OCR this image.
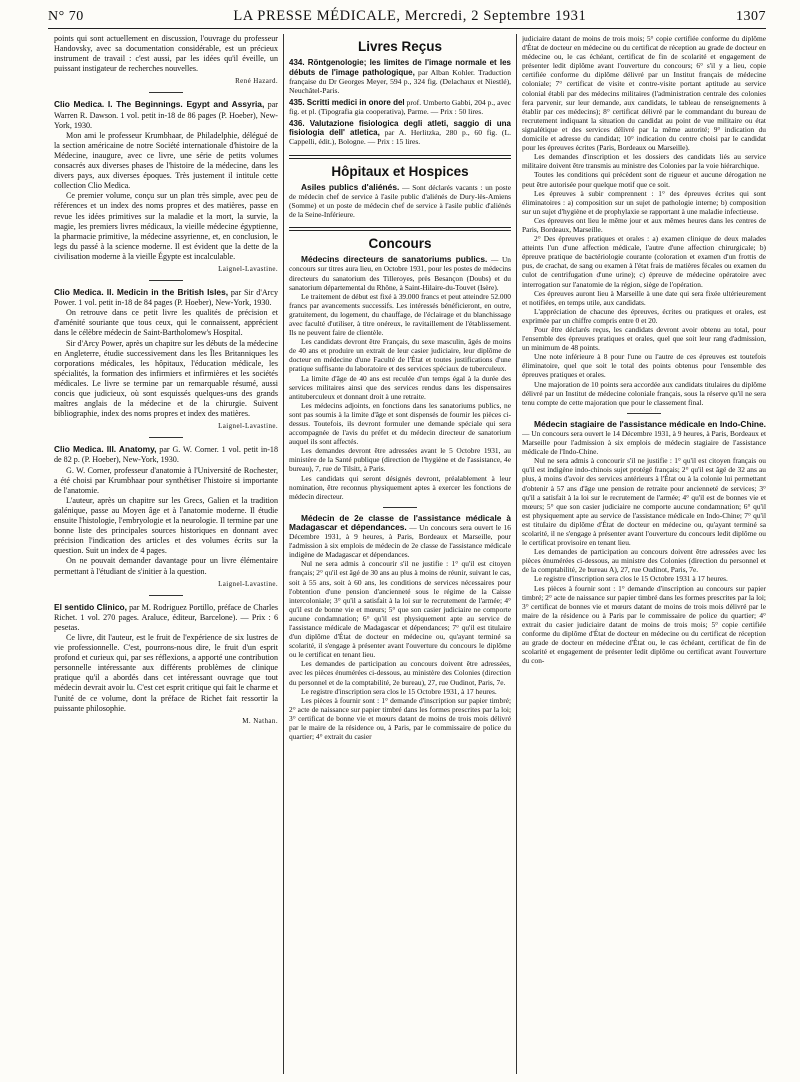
N° 70	LA PRESSE MÉDICALE, Mercredi, 2 Septembre 1931	1307

points qui sont actuellement en discussion, l'ouvrage du professeur Handovsky, avec sa documentation considérable, est un précieux instrument de travail : c'est aussi, par les idées qu'il éveille, un puissant instigateur de recherches nouvelles.

René Hazard.

Clio Medica. I. The Beginnings. Egypt and Assyria, par Warren R. Dawson. 1 vol. petit in-18 de 86 pages (P. Hoeber), New-York, 1930.

Mon ami le professeur Krumbhaar, de Philadelphie, délégué de la section américaine de notre Société internationale d'histoire de la Médecine, inaugure, avec ce livre, une série de petits volumes consacrés aux diverses phases de l'histoire de la médecine, dans les divers pays, aux diverses époques. Très justement il intitule cette collection Clio Medica.

Ce premier volume, conçu sur un plan très simple, avec peu de références et un index des noms propres et des matières, passe en revue les idées primitives sur la maladie et la mort, la survie, la magie, les premiers livres médicaux, la vieille médecine égyptienne, la pharmacie primitive, la médecine assyrienne, et, en conclusion, le legs du passé à la science moderne. Il est évident que la dette de la civilisation moderne à la vieille Égypte est incalculable.

Laignel-Lavastine.

Clio Medica. II. Medicin in the British Isles, par Sir d'Arcy Power. 1 vol. petit in-18 de 84 pages (P. Hoeber), New-York, 1930.

On retrouve dans ce petit livre les qualités de précision et d'aménité souriante que tous ceux, qui le connaissent, apprécient dans le célèbre médecin de Saint-Bartholomew's Hospital.

Sir d'Arcy Power, après un chapitre sur les débuts de la médecine en Angleterre, étudie successivement dans les Îles Britanniques les corporations médicales, les hôpitaux, l'éducation médicale, les spécialités, la formation des infirmiers et infirmières et les sociétés médicales. Le livre se termine par un remarquable résumé, aussi concis que judicieux, où sont esquissés quelques-uns des grands maîtres anglais de la médecine et de la chirurgie. Suivent bibliographie, index des noms propres et index des matières.

Laignel-Lavastine.

Clio Medica. III. Anatomy, par G. W. Corner. 1 vol. petit in-18 de 82 p. (P. Hoeber), New-York, 1930.

G. W. Corner, professeur d'anatomie à l'Université de Rochester, a été choisi par Krumbhaar pour synthétiser l'histoire si importante de l'anatomie.

L'auteur, après un chapitre sur les Grecs, Galien et la tradition galénique, passe au Moyen âge et à l'anatomie moderne. Il étudie ensuite l'histologie, l'embryologie et la neurologie. Il termine par une bonne liste des principales sources historiques en donnant avec précision l'indication des articles et des volumes écrits sur la question. Suit un index de 4 pages.

On ne pouvait demander davantage pour un livre élémentaire permettant à l'étudiant de s'initier à la question.

Laignel-Lavastine.

El sentido Clinico, par M. Rodriguez Portillo, préface de Charles Richet. 1 vol. 270 pages. Araluce, éditeur, Barcelone). — Prix : 6 pesetas.

Ce livre, dit l'auteur, est le fruit de l'expérience de six lustres de vie professionnelle. C'est, pourrons-nous dire, le fruit d'un esprit profond et curieux qui, par ses réflexions, a apporté une contribution personnelle intéressante aux différents problèmes de clinique pratique qu'il a abordés dans cet intéressant ouvrage que tout médecin devrait avoir lu. C'est cet esprit critique qui fait le charme et l'unité de ce volume, dont la préface de Richet fait ressortir la puissante philosophie.

M. Nathan.

Livres Reçus

434. Röntgenologie; les limites de l'image normale et les débuts de l'image pathologique, par Alban Kohler. Traduction française du Dr Georges Meyer, 594 p., 324 fig. (Delachaux et Niestlé), Neuchâtel-Paris.

435. Scritti medici in onore del prof. Umberto Gabbi, 204 p., avec fig. et pl. (Tipografia gia cooperativa), Parme. — Prix : 50 lires.

436. Valutazione fisiologica degli atleti, saggio di una fisiologia dell' atletica, par A. Herlitzka, 280 p., 60 fig. (L. Cappelli, édit.), Bologne. — Prix : 15 lires.

Hôpitaux et Hospices

Asiles publics d'aliénés. — Sont déclarés vacants : un poste de médecin chef de service à l'asile public d'aliénés de Dury-lès-Amiens (Somme) et un poste de médecin chef de service à l'asile public d'aliénés de la Seine-Inférieure.

Concours

Médecins directeurs de sanatoriums publics. — Un concours sur titres aura lieu, en Octobre 1931, pour les postes de médecins directeurs du sanatorium des Tilleroyes, près Besançon (Doubs) et du sanatorium départemental du Rhône, à Saint-Hilaire-du-Touvet (Isère).

Le traitement de début est fixé à 39.000 francs et peut atteindre 52.000 francs par avancements successifs. Les intéressés bénéficieront, en outre, gratuitement, du logement, du chauffage, de l'éclairage et du blanchissage avec faculté d'utiliser, à titre onéreux, le ravitaillement de l'établissement. Ils ne peuvent faire de clientèle.

Les candidats devront être Français, du sexe masculin, âgés de moins de 40 ans et produire un extrait de leur casier judiciaire, leur diplôme de docteur en médecine d'une Faculté de l'État et toutes justifications d'une pratique suffisante du laboratoire et des services spéciaux de tuberculeux.

La limite d'âge de 40 ans est reculée d'un temps égal à la durée des services militaires ainsi que des services rendus dans les dispensaires antituberculeux et donnant droit à une retraite.

Les médecins adjoints, en fonctions dans les sanatoriums publics, ne sont pas soumis à la limite d'âge et sont dispensés de fournir les pièces ci-dessus. Toutefois, ils devront formuler une demande spéciale qui sera accompagnée de l'avis du préfet et du médecin directeur de sanatorium auquel ils sont affectés.

Les demandes devront être adressées avant le 5 Octobre 1931, au ministère de la Santé publique (direction de l'hygiène et de l'assistance, 4e bureau), 7, rue de Tilsitt, à Paris.

Les candidats qui seront désignés devront, préalablement à leur nomination, être reconnus physiquement aptes à exercer les fonctions de médecin directeur.

Médecin de 2e classe de l'assistance médicale à Madagascar et dépendances. — Un concours sera ouvert le 16 Décembre 1931, à 9 heures, à Paris, Bordeaux et Marseille, pour l'admission à six emplois de médecin de 2e classe de l'assistance médicale indigène de Madagascar et dépendances.

Nul ne sera admis à concourir s'il ne justifie : 1° qu'il est citoyen français; 2° qu'il est âgé de 30 ans au plus à moins de réunir, suivant le cas, soit à 55 ans, soit à 60 ans, les conditions de services nécessaires pour l'obtention d'une pension d'ancienneté sous le régime de la Caisse intercoloniale; 3° qu'il a satisfait à la loi sur le recrutement de l'armée; 4° qu'il est de bonne vie et mœurs; 5° que son casier judiciaire ne comporte aucune condamnation; 6° qu'il est physiquement apte au service de l'assistance médicale de Madagascar et dépendances; 7° qu'il est titulaire d'un diplôme d'État de docteur en médecine ou, qu'ayant terminé sa scolarité, il s'engage à présenter avant l'ouverture du concours le diplôme ou le certificat en tenant lieu.

Les demandes de participation au concours doivent être adressées, avec les pièces énumérées ci-dessous, au ministère des Colonies (direction du personnel et de la comptabilité, 2e bureau), 27, rue Oudinot, Paris, 7e.

Le registre d'inscription sera clos le 15 Octobre 1931, à 17 heures.

Les pièces à fournir sont : 1° demande d'inscription sur papier timbré; 2° acte de naissance sur papier timbré dans les formes prescrites par la loi; 3° certificat de bonne vie et mœurs datant de moins de trois mois délivré par le maire de la résidence ou, à Paris, par le commissaire de police du quartier; 4° extrait du casier

judiciaire datant de moins de trois mois; 5° copie certifiée conforme du diplôme d'État de docteur en médecine ou du certificat de réception au grade de docteur en médecine ou, le cas échéant, certificat de fin de scolarité et engagement de présenter ledit diplôme avant l'ouverture du concours; 6° s'il y a lieu, copie certifiée conforme du diplôme délivré par un Institut français de médecine coloniale; 7° certificat de visite et contre-visite portant aptitude au service colonial établi par des médecins militaires (l'administration centrale des colonies fera parvenir, sur leur demande, aux candidats, le tableau de renseignements à établir par ces médecins); 8° certificat délivré par le commandant du bureau de recrutement indiquant la situation du candidat au point de vue militaire ou état signalétique et des services délivré par la même autorité; 9° indication du domicile et adresse du candidat; 10° indication du centre choisi par le candidat pour les épreuves écrites (Paris, Bordeaux ou Marseille).

Les demandes d'inscription et les dossiers des candidats liés au service militaire doivent être transmis au ministre des Colonies par la voie hiérarchique.

Toutes les conditions qui précèdent sont de rigueur et aucune dérogation ne peut être autorisée pour quelque motif que ce soit.

Les épreuves à subir comprennent : 1° des épreuves écrites qui sont éliminatoires : a) composition sur un sujet de pathologie interne; b) composition sur un sujet d'hygiène et de prophylaxie se rapportant à une maladie infectieuse.

Ces épreuves ont lieu le même jour et aux mêmes heures dans les centres de Paris, Bordeaux, Marseille.

2° Des épreuves pratiques et orales : a) examen clinique de deux malades atteints l'un d'une affection médicale, l'autre d'une affection chirurgicale; b) épreuve pratique de bactériologie courante (coloration et examen d'un frottis de pus, de crachat, de sang ou examen à l'état frais de matières fécales ou examen du culot de centrifugation d'une urine); c) épreuve de médecine opératoire avec interrogation sur l'anatomie de la région, siège de l'opération.

Ces épreuves auront lieu à Marseille à une date qui sera fixée ultérieurement et notifiées, en temps utile, aux candidats.

L'appréciation de chacune des épreuves, écrites ou pratiques et orales, est exprimée par un chiffre compris entre 0 et 20.

Pour être déclarés reçus, les candidats devront avoir obtenu au total, pour l'ensemble des épreuves pratiques et orales, quel que soit leur rang d'admission, un minimum de 48 points.

Une note inférieure à 8 pour l'une ou l'autre de ces épreuves est toutefois éliminatoire, quel que soit le total des points obtenus pour l'ensemble des épreuves pratiques et orales.

Une majoration de 10 points sera accordée aux candidats titulaires du diplôme délivré par un Institut de médecine coloniale français, sous la réserve qu'il ne sera tenu compte de cette majoration que pour le classement final.

Médecin stagiaire de l'assistance médicale en Indo-Chine. — Un concours sera ouvert le 14 Décembre 1931, à 9 heures, à Paris, Bordeaux et Marseille pour l'admission à six emplois de médecin stagiaire de l'assistance médicale de l'Indo-Chine.

Nul ne sera admis à concourir s'il ne justifie : 1° qu'il est citoyen français ou qu'il est indigène indo-chinois sujet protégé français; 2° qu'il est âgé de 32 ans au plus, à moins d'avoir des services antérieurs à l'État ou à la colonie lui permettant d'obtenir à 57 ans d'âge une pension de retraite pour ancienneté de services; 3° qu'il a satisfait à la loi sur le recrutement de l'armée; 4° qu'il est de bonnes vie et mœurs; 5° que son casier judiciaire ne comporte aucune condamnation; 6° qu'il est physiquement apte au service de l'assistance médicale en Indo-Chine; 7° qu'il est titulaire du diplôme d'État de docteur en médecine ou, qu'ayant terminé sa scolarité, il ne s'engage à présenter avant l'ouverture du concours ledit diplôme ou le certificat provisoire en tenant lieu.

Les demandes de participation au concours doivent être adressées avec les pièces énumérées ci-dessous, au ministre des Colonies (direction du personnel et de la comptabilité, 2e bureau A), 27, rue Oudinot, Paris, 7e.

Le registre d'inscription sera clos le 15 Octobre 1931 à 17 heures.

Les pièces à fournir sont : 1° demande d'inscription au concours sur papier timbré; 2° acte de naissance sur papier timbré dans les formes prescrites par la loi; 3° certificat de bonnes vie et mœurs datant de moins de trois mois délivré par le maire de la résidence ou à Paris par le commissaire de police du quartier; 4° extrait du casier judiciaire datant de moins de trois mois; 5° copie certifiée conforme du diplôme d'État de docteur en médecine ou du certificat de réception au grade de docteur en médecine d'État ou, le cas échéant, certificat de fin de scolarité et engagement de présenter ledit diplôme ou certificat avant l'ouverture du con-
